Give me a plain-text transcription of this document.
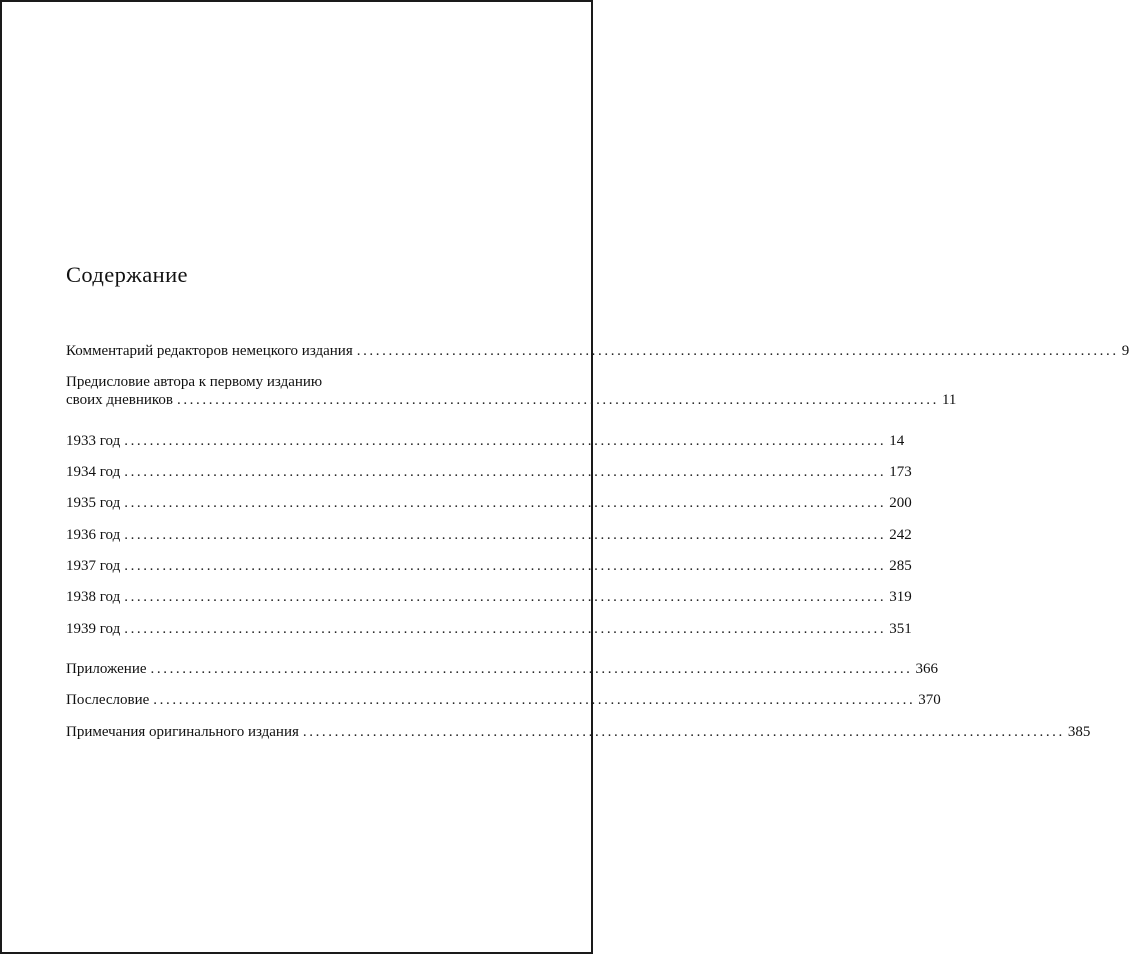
Содержание
Комментарий редакторов немецкого издания ........................................................................................................................ 9
Предисловие автора к первому изданию
своих дневников ........................................................................................................................ 11
1933 год ........................................................................................................................ 14
1934 год ........................................................................................................................ 173
1935 год ........................................................................................................................ 200
1936 год ........................................................................................................................ 242
1937 год ........................................................................................................................ 285
1938 год ........................................................................................................................ 319
1939 год ........................................................................................................................ 351
Приложение ........................................................................................................................ 366
Послесловие ........................................................................................................................ 370
Примечания оригинального издания ........................................................................................................................ 385
